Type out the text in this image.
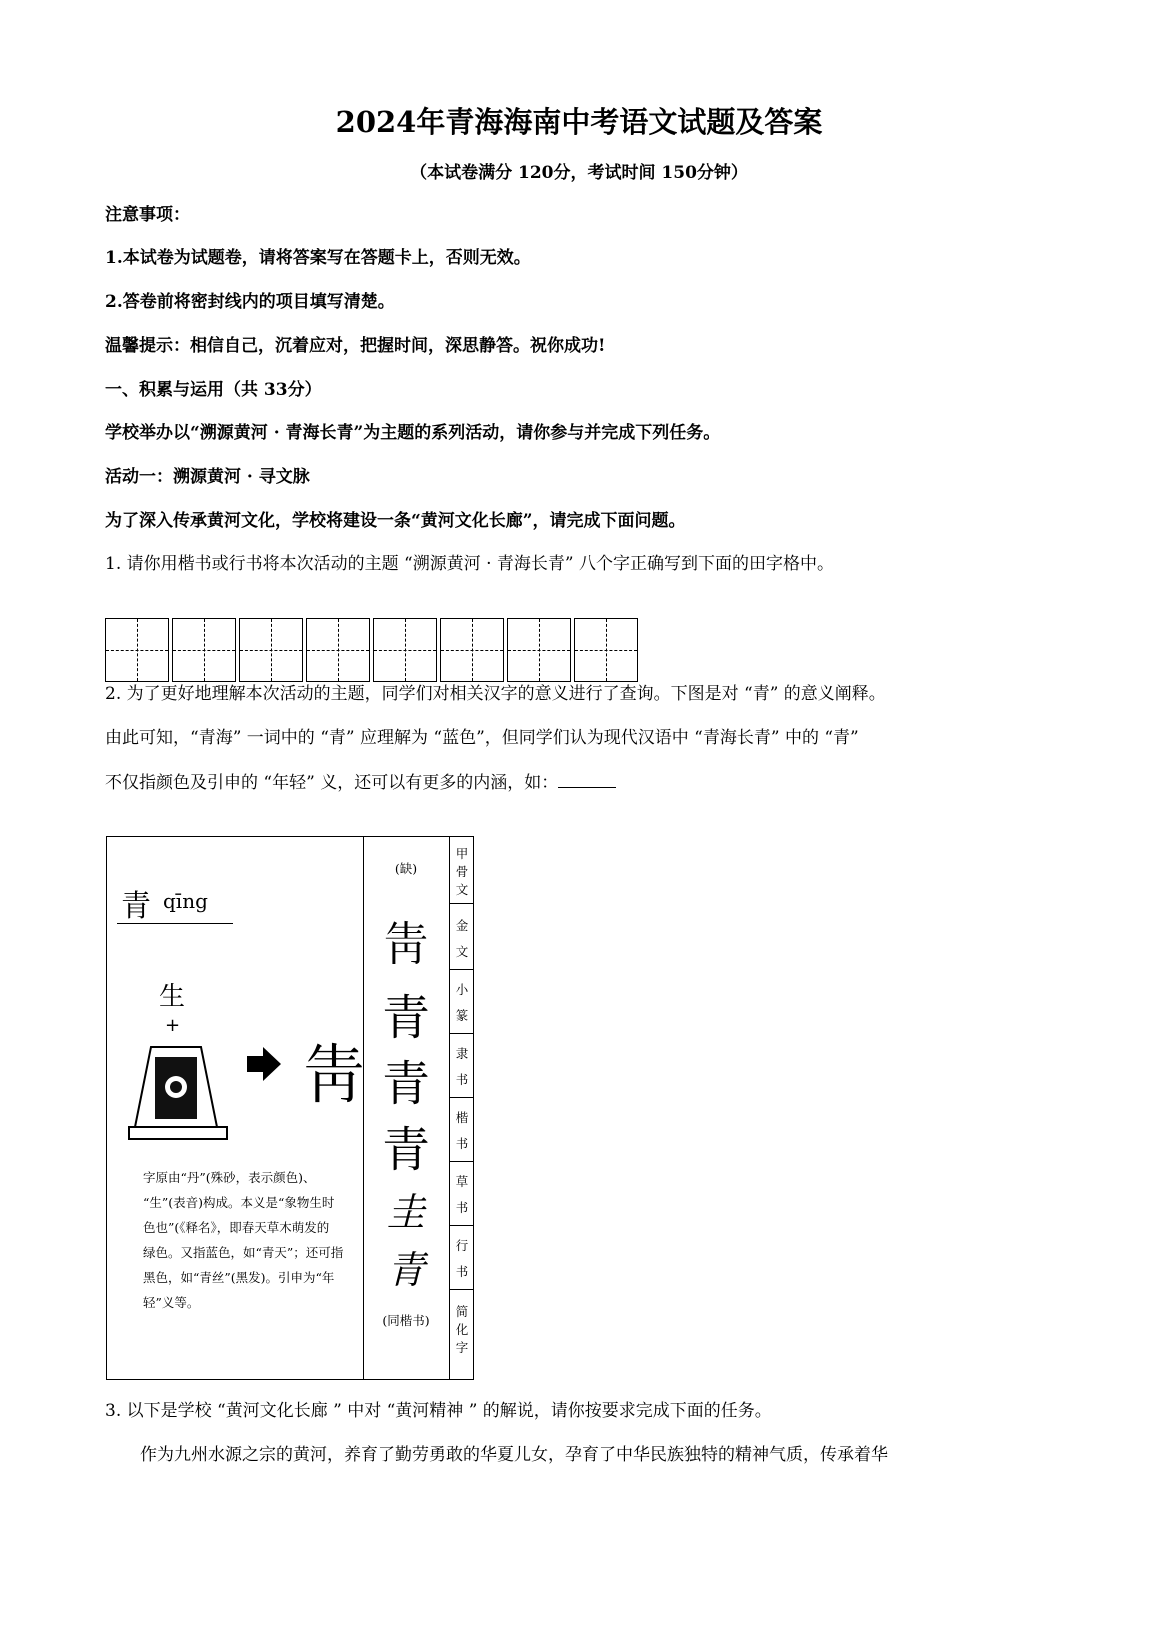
2024年青海海南中考语文试题及答案
（本试卷满分 120分，考试时间 150分钟）
注意事项：
1.本试卷为试题卷，请将答案写在答题卡上，否则无效。
2.答卷前将密封线内的项目填写清楚。
温馨提示：相信自己，沉着应对，把握时间，深思静答。祝你成功!
一、积累与运用（共 33分）
学校举办以“溯源黄河 · 青海长青”为主题的系列活动，请你参与并完成下列任务。
活动一：溯源黄河 · 寻文脉
为了深入传承黄河文化，学校将建设一条“黄河文化长廊”，请完成下面问题。
1. 请你用楷书或行书将本次活动的主题 “溯源黄河 · 青海长青” 八个字正确写到下面的田字格中。
2. 为了更好地理解本次活动的主题，同学们对相关汉字的意义进行了查询。下图是对 “青” 的意义阐释。
由此可知，“青海” 一词中的 “青” 应理解为 “蓝色”，但同学们认为现代汉语中 “青海长青” 中的 “青”
不仅指颜色及引申的 “年轻” 义，还可以有更多的内涵，如：
青 qīng
生
+
𤯞
字原由“丹”(殊砂，表示颜色)、
“生”(表音)构成。本义是“象物生时
色也”(《释名》，即春天草木萌发的
绿色。又指蓝色，如“青天”；还可指
黑色，如“青丝”(黑发)。引申为“年
轻”义等。
(缺)
𤯞
青
青
青
圭
青
(同楷书)
甲
骨
文
金
文
小
篆
隶
书
楷
书
草
书
行
书
简
化
字
3. 以下是学校 “黄河文化长廊 ” 中对 “黄河精神 ” 的解说，请你按要求完成下面的任务。
作为九州水源之宗的黄河，养育了勤劳勇敢的华夏儿女，孕育了中华民族独特的精神气质，传承着华
